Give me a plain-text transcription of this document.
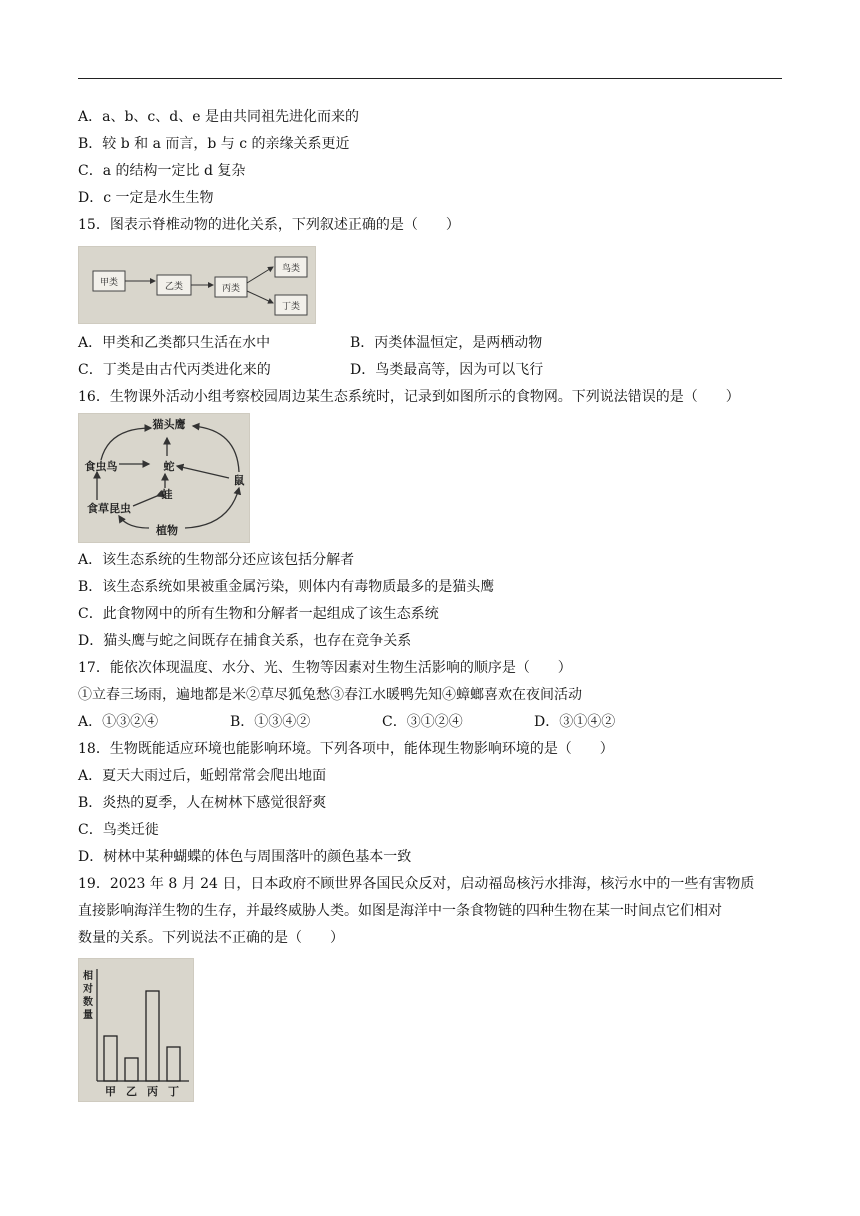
A．a、b、c、d、e 是由共同祖先进化而来的
B．较 b 和 a 而言，b 与 c 的亲缘关系更近
C．a 的结构一定比 d 复杂
D．c 一定是水生生物
15．图表示脊椎动物的进化关系，下列叙述正确的是（　　）
甲类	乙类	丙类
鸟类
丁类
A．甲类和乙类都只生活在水中	B．丙类体温恒定，是两栖动物
C．丁类是由古代丙类进化来的	D．鸟类最高等，因为可以飞行
16．生物课外活动小组考察校园周边某生态系统时，记录到如图所示的食物网。下列说法错误的是（　　）
猫头鹰
蛇
食虫鸟
蛙
鼠
食草昆虫
植物
A．该生态系统的生物部分还应该包括分解者
B．该生态系统如果被重金属污染，则体内有毒物质最多的是猫头鹰
C．此食物网中的所有生物和分解者一起组成了该生态系统
D．猫头鹰与蛇之间既存在捕食关系，也存在竞争关系
17．能依次体现温度、水分、光、生物等因素对生物生活影响的顺序是（　　）
①立春三场雨，遍地都是米②草尽狐兔愁③春江水暖鸭先知④蟑螂喜欢在夜间活动
A．①③②④	B．①③④②	C．③①②④	D．③①④②
18．生物既能适应环境也能影响环境。下列各项中，能体现生物影响环境的是（　　）
A．夏天大雨过后，蚯蚓常常会爬出地面
B．炎热的夏季，人在树林下感觉很舒爽
C．鸟类迁徙
D．树林中某种蝴蝶的体色与周围落叶的颜色基本一致
19．2023 年 8 月 24 日，日本政府不顾世界各国民众反对，启动福岛核污水排海，核污水中的一些有害物质
直接影响海洋生物的生存，并最终威胁人类。如图是海洋中一条食物链的四种生物在某一时间点它们相对
数量的关系。下列说法不正确的是（　　）
相
对
数
量
甲 乙 丙 丁
